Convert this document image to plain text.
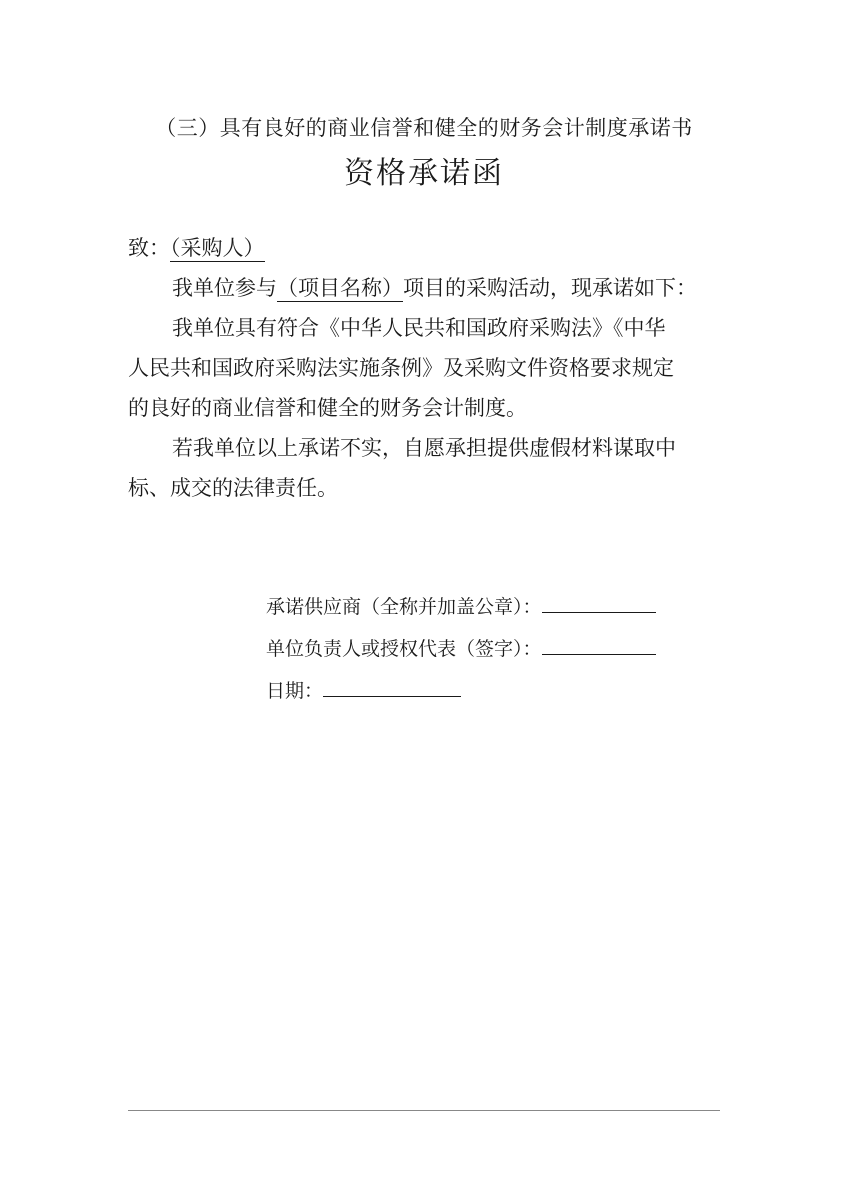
（三）具有良好的商业信誉和健全的财务会计制度承诺书
资格承诺函
致：（采购人）
我单位参与（项目名称）项目的采购活动，现承诺如下：
我单位具有符合《中华人民共和国政府采购法》《中华
人民共和国政府采购法实施条例》及采购文件资格要求规定
的良好的商业信誉和健全的财务会计制度。
若我单位以上承诺不实，自愿承担提供虚假材料谋取中
标、成交的法律责任。
承诺供应商（全称并加盖公章）：
单位负责人或授权代表（签字）：
日期：
